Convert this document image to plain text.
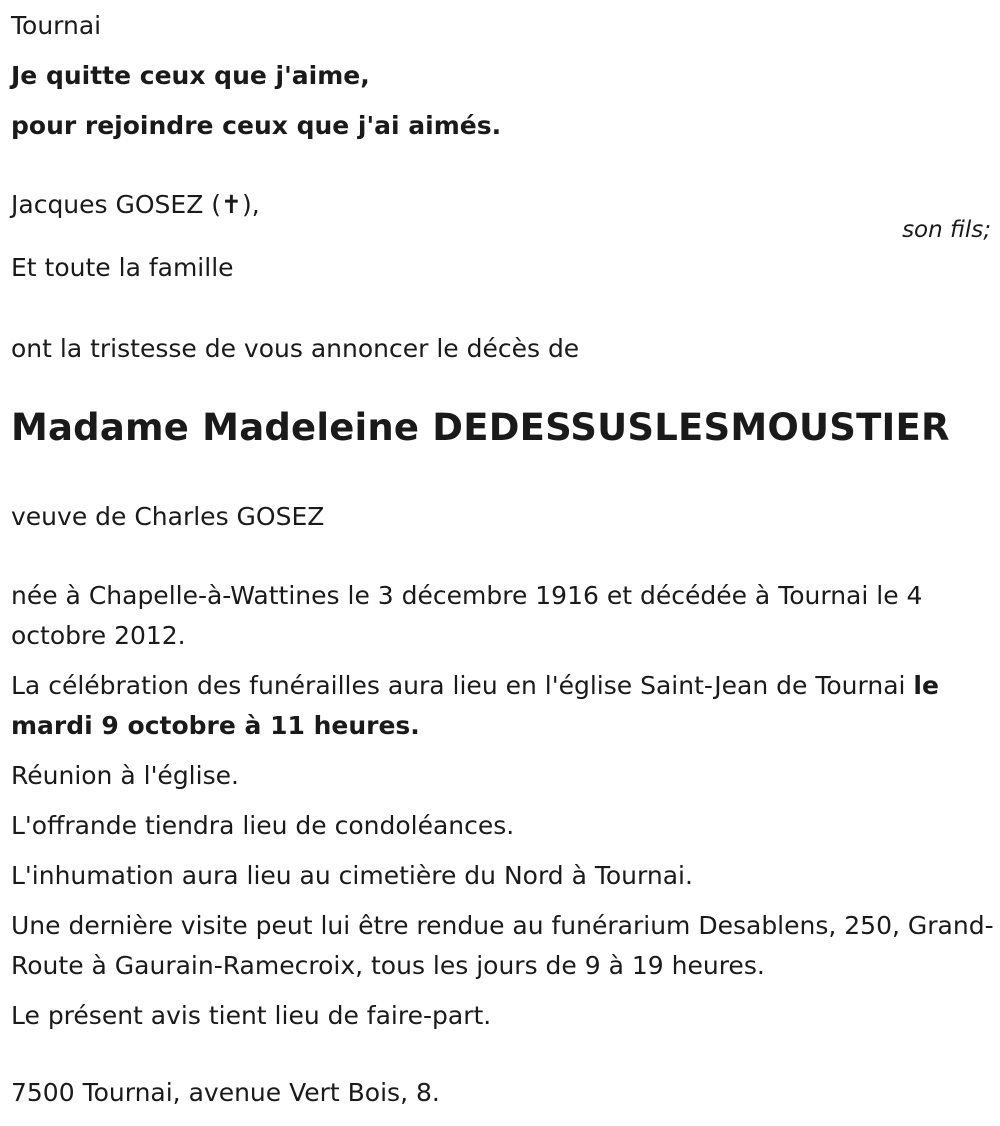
Tournai
Je quitte ceux que j'aime,
pour rejoindre ceux que j'ai aimés.
Jacques GOSEZ (✝),
son fils;
Et toute la famille
ont la tristesse de vous annoncer le décès de
Madame Madeleine DEDESSUSLESMOUSTIER
veuve de Charles GOSEZ

née à Chapelle-à-Wattines le 3 décembre 1916 et décédée à Tournai le 4 octobre 2012.

La célébration des funérailles aura lieu en l'église Saint-Jean de Tournai le mardi 9 octobre à 11 heures.

Réunion à l'église.

L'offrande tiendra lieu de condoléances.

L'inhumation aura lieu au cimetière du Nord à Tournai.

Une dernière visite peut lui être rendue au funérarium Desablens, 250, Grand-Route à Gaurain-Ramecroix, tous les jours de 9 à 19 heures.

Le présent avis tient lieu de faire-part.

7500 Tournai, avenue Vert Bois, 8.
